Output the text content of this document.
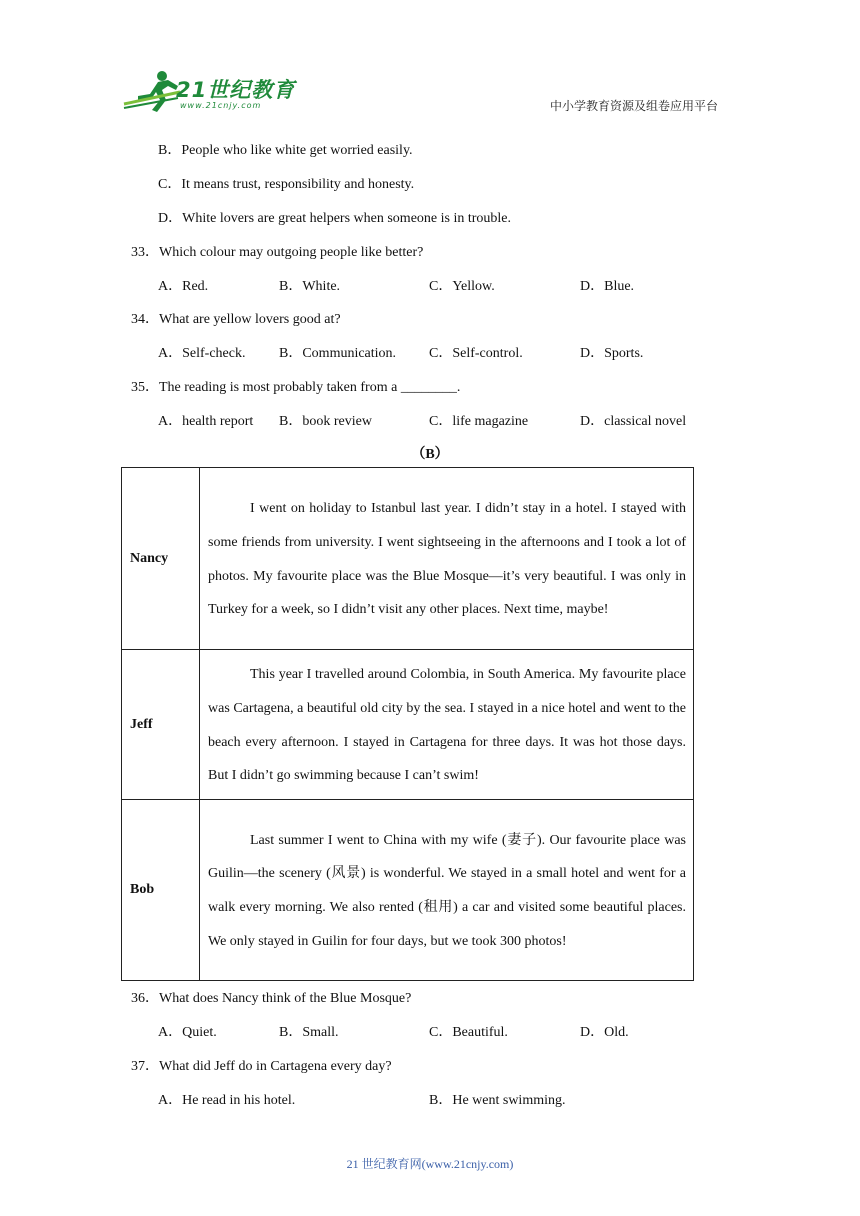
21世纪教育
www.21cnjy.com	中小学教育资源及组卷应用平台
B．People who like white get worried easily.
C．It means trust, responsibility and honesty.
D．White lovers are great helpers when someone is in trouble.
33．Which colour may outgoing people like better?
A．Red.	B．White.	C．Yellow.	D．Blue.
34．What are yellow lovers good at?
A．Self-check. B．Communication. C．Self-control.	D．Sports.
35．The reading is most probably taken from a ________.
A．health report B．book review	C．life magazine	D．classical novel
（B）
Nancy	I went on holiday to Istanbul last year. I didn’t stay in a hotel. I stayed with some friends from university. I went sightseeing in the afternoons and I took a lot of photos. My favourite place was the Blue Mosque—it’s very beautiful. I was only in Turkey for a week, so I didn’t visit any other places. Next time, maybe!
Jeff	This year I travelled around Colombia, in South America. My favourite place was Cartagena, a beautiful old city by the sea. I stayed in a nice hotel and went to the beach every afternoon. I stayed in Cartagena for three days. It was hot those days. But I didn’t go swimming because I can’t swim!
Bob	Last summer I went to China with my wife (妻子). Our favourite place was Guilin—the scenery (风景) is wonderful. We stayed in a small hotel and went for a walk every morning. We also rented (租用) a car and visited some beautiful places. We only stayed in Guilin for four days, but we took 300 photos!
36．What does Nancy think of the Blue Mosque?
A．Quiet.	B．Small.	C．Beautiful.	D．Old.
37．What did Jeff do in Cartagena every day?
A．He read in his hotel.	B．He went swimming.
21 世纪教育网(www.21cnjy.com)
